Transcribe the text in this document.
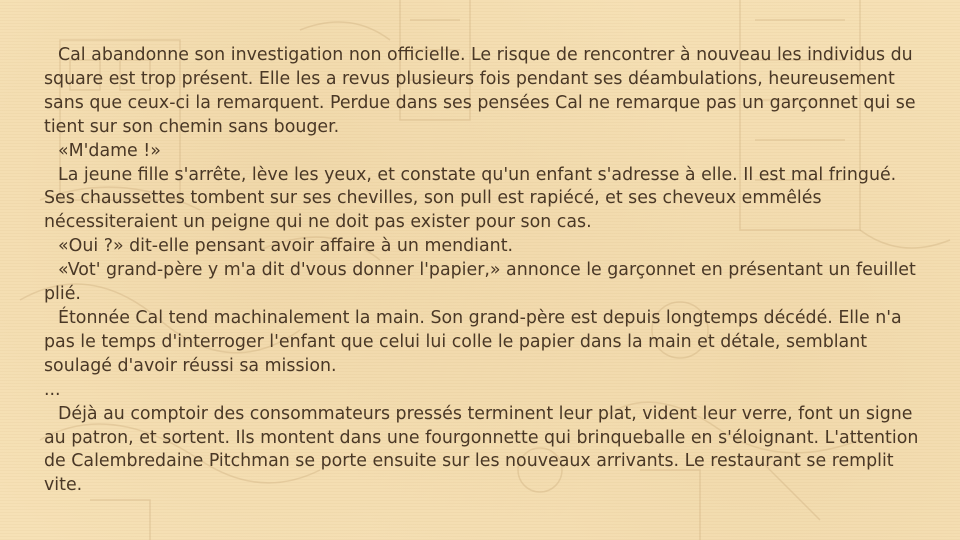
Cal abandonne son investigation non officielle. Le risque de rencontrer à nouveau les individus du square est trop présent. Elle les a revus plusieurs fois pendant ses déambulations, heureusement sans que ceux-ci la remarquent. Perdue dans ses pensées Cal ne remarque pas un garçonnet qui se tient sur son chemin sans bouger.

«M'dame !»

La jeune fille s'arrête, lève les yeux, et constate qu'un enfant s'adresse à elle. Il est mal fringué. Ses chaussettes tombent sur ses chevilles, son pull est rapiécé, et ses cheveux emmêlés nécessiteraient un peigne qui ne doit pas exister pour son cas.

«Oui ?» dit-elle pensant avoir affaire à un mendiant.

«Vot' grand-père y m'a dit d'vous donner l'papier,» annonce le garçonnet en présentant un feuillet plié.

Étonnée Cal tend machinalement la main. Son grand-père est depuis longtemps décédé. Elle n'a pas le temps d'interroger l'enfant que celui lui colle le papier dans la main et détale, semblant soulagé d'avoir réussi sa mission.

...

Déjà au comptoir des consommateurs pressés terminent leur plat, vident leur verre, font un signe au patron, et sortent. Ils montent dans une fourgonnette qui brinqueballe en s'éloignant. L'attention de Calembredaine Pitchman se porte ensuite sur les nouveaux arrivants. Le restaurant se remplit vite.
